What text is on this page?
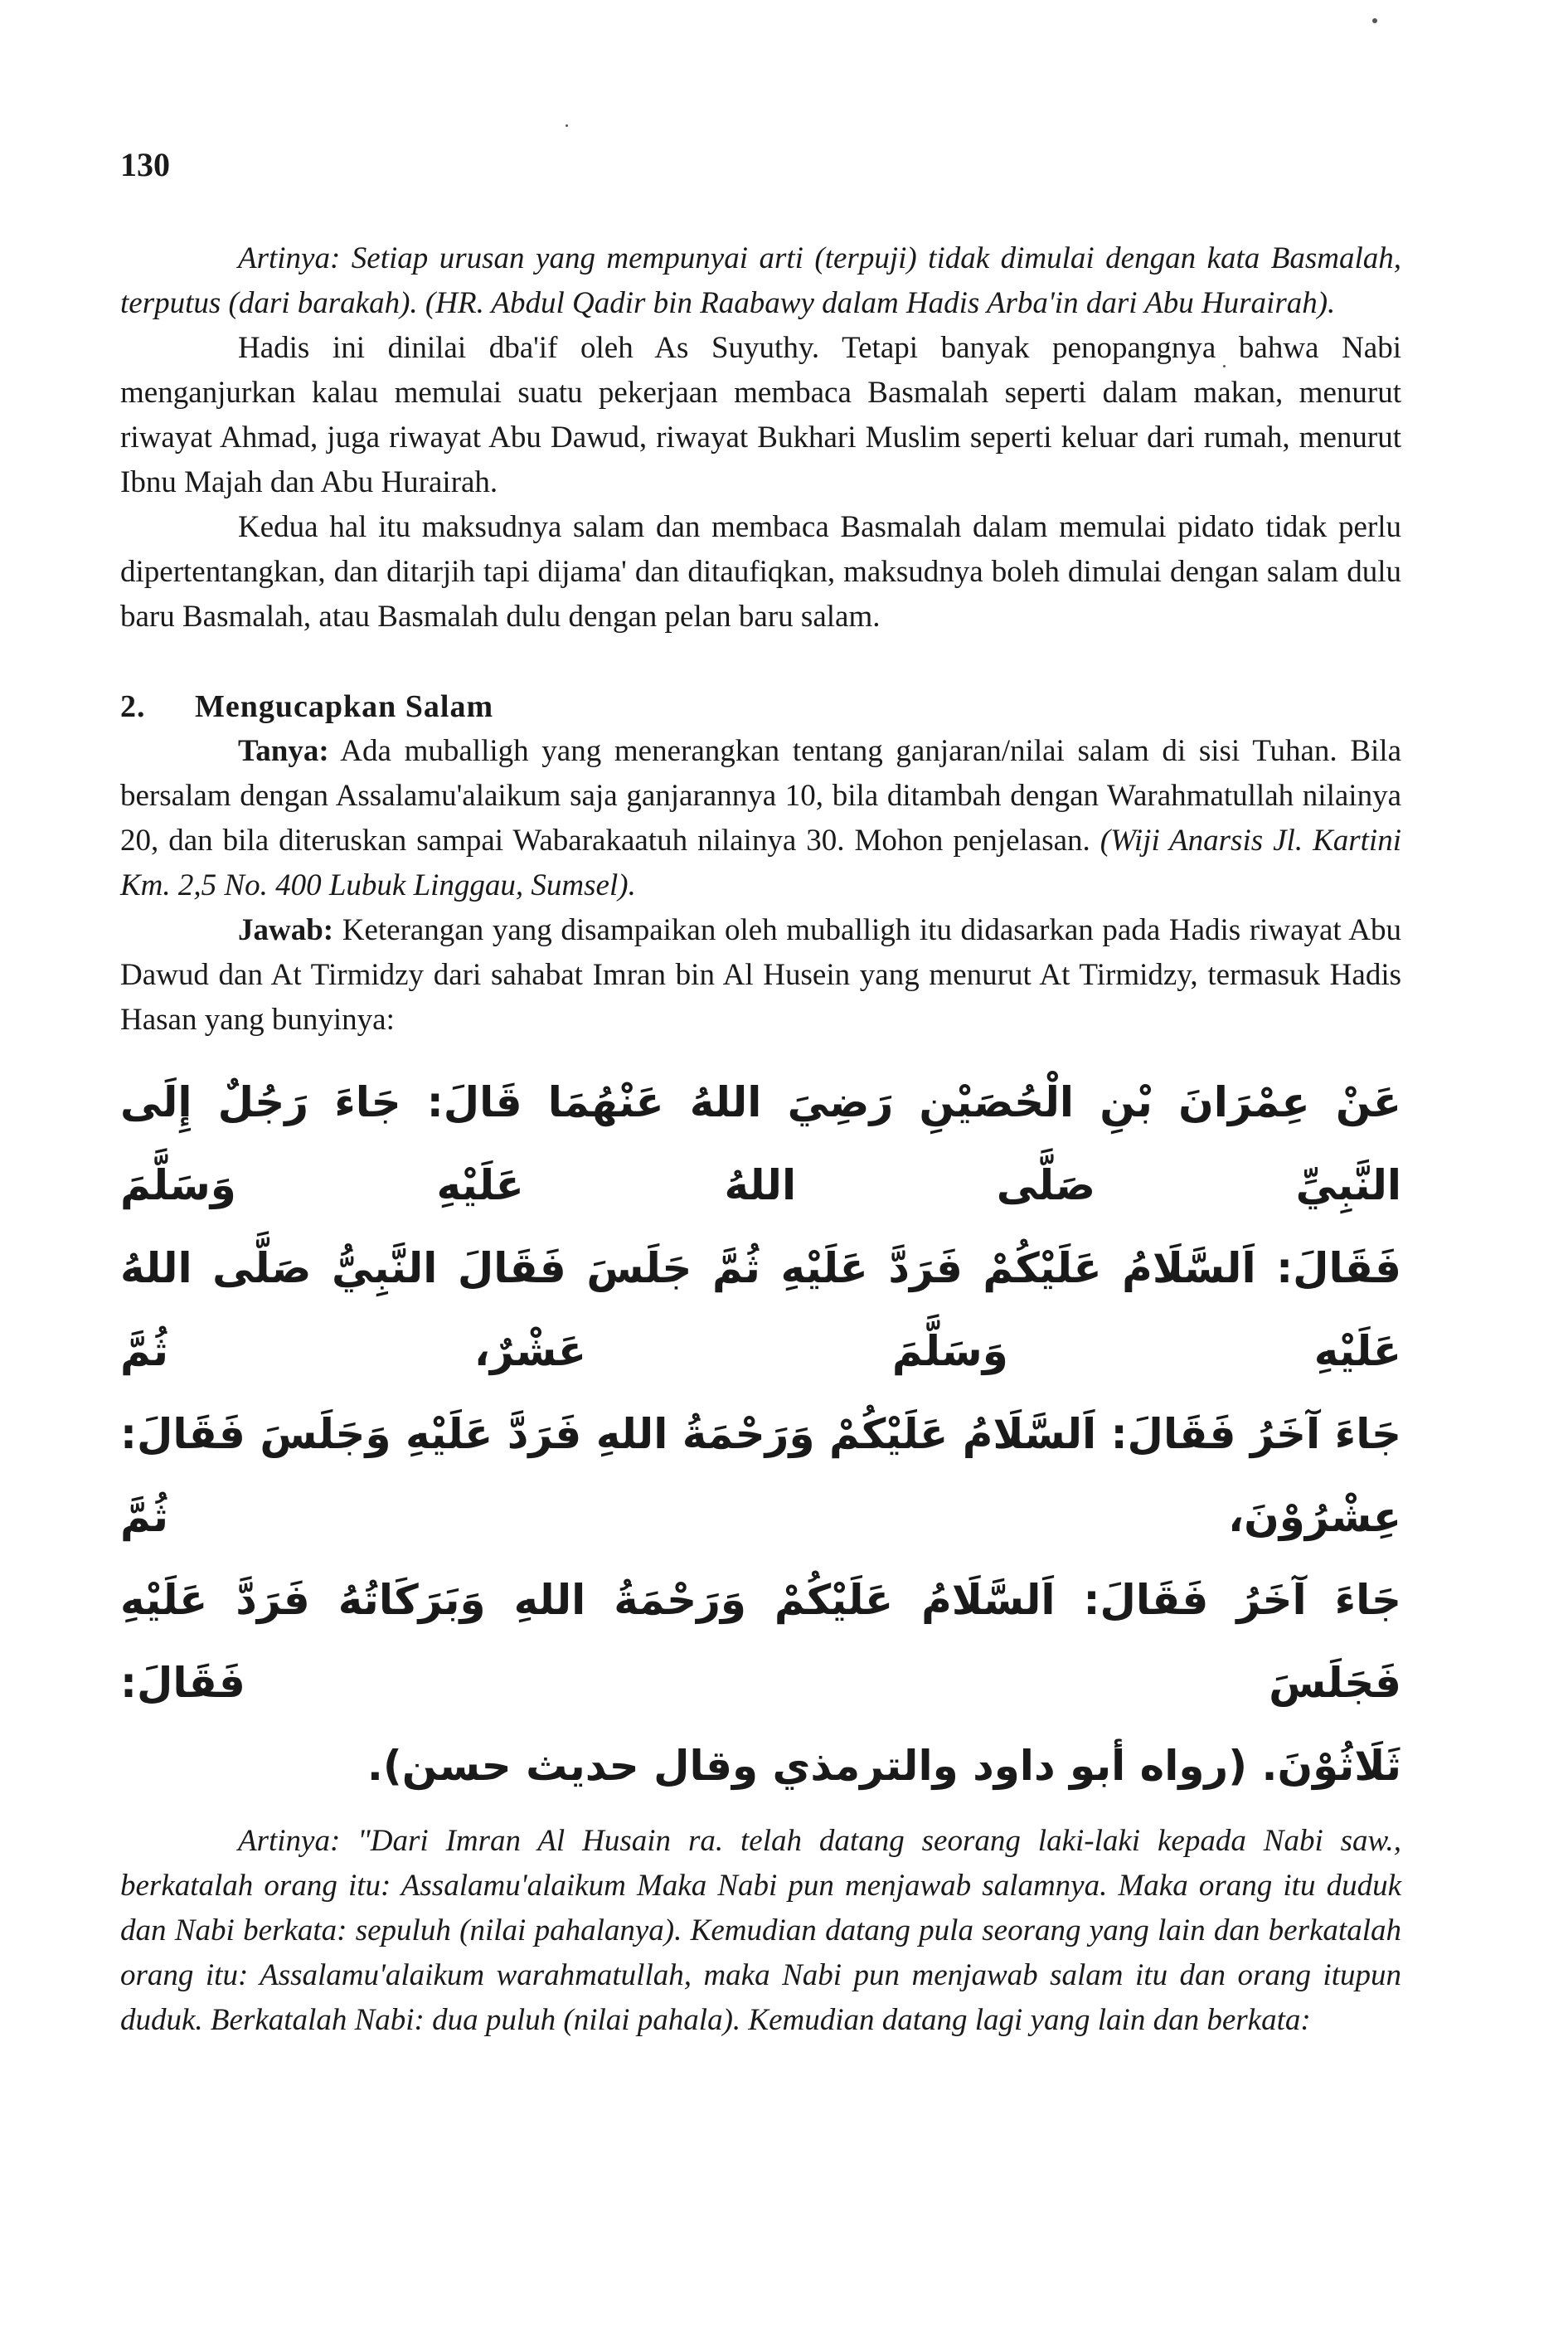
130

Artinya: Setiap urusan yang mempunyai arti (terpuji) tidak dimulai dengan kata Basmalah, terputus (dari barakah). (HR. Abdul Qadir bin Raabawy dalam Hadis Arba'in dari Abu Hurairah).

Hadis ini dinilai dba'if oleh As Suyuthy. Tetapi banyak penopangnya bahwa Nabi menganjurkan kalau memulai suatu pekerjaan membaca Basmalah seperti dalam makan, menurut riwayat Ahmad, juga riwayat Abu Dawud, riwayat Bukhari Muslim seperti keluar dari rumah, menurut Ibnu Majah dan Abu Hurairah.

Kedua hal itu maksudnya salam dan membaca Basmalah dalam memulai pidato tidak perlu dipertentangkan, dan ditarjih tapi dijama' dan ditaufiqkan, maksudnya boleh dimulai dengan salam dulu baru Basmalah, atau Basmalah dulu dengan pelan baru salam.

2. Mengucapkan Salam

Tanya: Ada muballigh yang menerangkan tentang ganjaran/nilai salam di sisi Tuhan. Bila bersalam dengan Assalamu'alaikum saja ganjarannya 10, bila ditambah dengan Warahmatullah nilainya 20, dan bila diteruskan sampai Wabarakaatuh nilainya 30. Mohon penjelasan. (Wiji Anarsis Jl. Kartini Km. 2,5 No. 400 Lubuk Linggau, Sumsel).

Jawab: Keterangan yang disampaikan oleh muballigh itu didasarkan pada Hadis riwayat Abu Dawud dan At Tirmidzy dari sahabat Imran bin Al Husein yang menurut At Tirmidzy, termasuk Hadis Hasan yang bunyinya:

عَنْ عِمْرَانَ بْنِ الْحُصَيْنِ رَضِيَ اللهُ عَنْهُمَا قَالَ: جَاءَ رَجُلٌ إِلَى النَّبِيِّ صَلَّى اللهُ عَلَيْهِ وَسَلَّمَ
فَقَالَ: اَلسَّلَامُ عَلَيْكُمْ فَرَدَّ عَلَيْهِ ثُمَّ جَلَسَ فَقَالَ النَّبِيُّ صَلَّى اللهُ عَلَيْهِ وَسَلَّمَ عَشْرٌ، ثُمَّ
جَاءَ آخَرُ فَقَالَ: اَلسَّلَامُ عَلَيْكُمْ وَرَحْمَةُ اللهِ فَرَدَّ عَلَيْهِ وَجَلَسَ فَقَالَ: عِشْرُوْنَ، ثُمَّ
جَاءَ آخَرُ فَقَالَ: اَلسَّلَامُ عَلَيْكُمْ وَرَحْمَةُ اللهِ وَبَرَكَاتُهُ فَرَدَّ عَلَيْهِ فَجَلَسَ فَقَالَ:
ثَلَاثُوْنَ. (رواه أبو داود والترمذي وقال حديث حسن).

Artinya: "Dari Imran Al Husain ra. telah datang seorang laki-laki kepada Nabi saw., berkatalah orang itu: Assalamu'alaikum Maka Nabi pun menjawab salamnya. Maka orang itu duduk dan Nabi berkata: sepuluh (nilai pahalanya). Kemudian datang pula seorang yang lain dan berkatalah orang itu: Assalamu'alaikum warahmatullah, maka Nabi pun menjawab salam itu dan orang itupun duduk. Berkatalah Nabi: dua puluh (nilai pahala). Kemudian datang lagi yang lain dan berkata:
